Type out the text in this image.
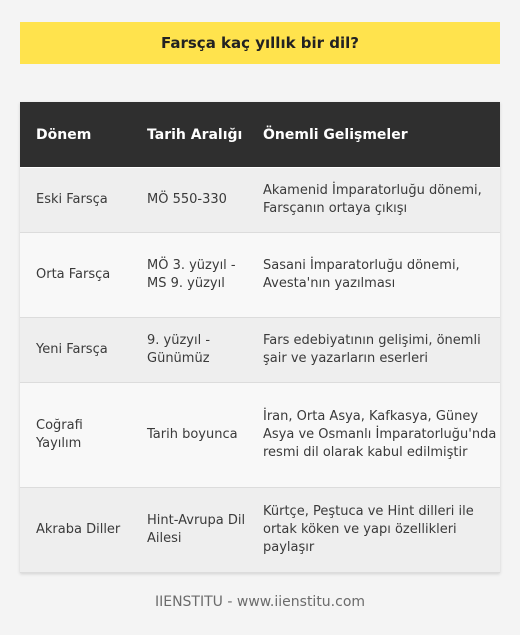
Farsça kaç yıllık bir dil?
Dönem	Tarih Aralığı	Önemli Gelişmeler
Eski Farsça	MÖ 550-330	Akamenid İmparatorluğu dönemi, Farsçanın ortaya çıkışı
Orta Farsça	MÖ 3. yüzyıl - MS 9. yüzyıl	Sasani İmparatorluğu dönemi, Avesta'nın yazılması
Yeni Farsça	9. yüzyıl - Günümüz	Fars edebiyatının gelişimi, önemli şair ve yazarların eserleri
Coğrafi Yayılım	Tarih boyunca	İran, Orta Asya, Kafkasya, Güney Asya ve Osmanlı İmparatorluğu'nda resmi dil olarak kabul edilmiştir
Akraba Diller	Hint-Avrupa Dil Ailesi	Kürtçe, Peştuca ve Hint dilleri ile ortak köken ve yapı özellikleri paylaşır
IIENSTITU - www.iienstitu.com
